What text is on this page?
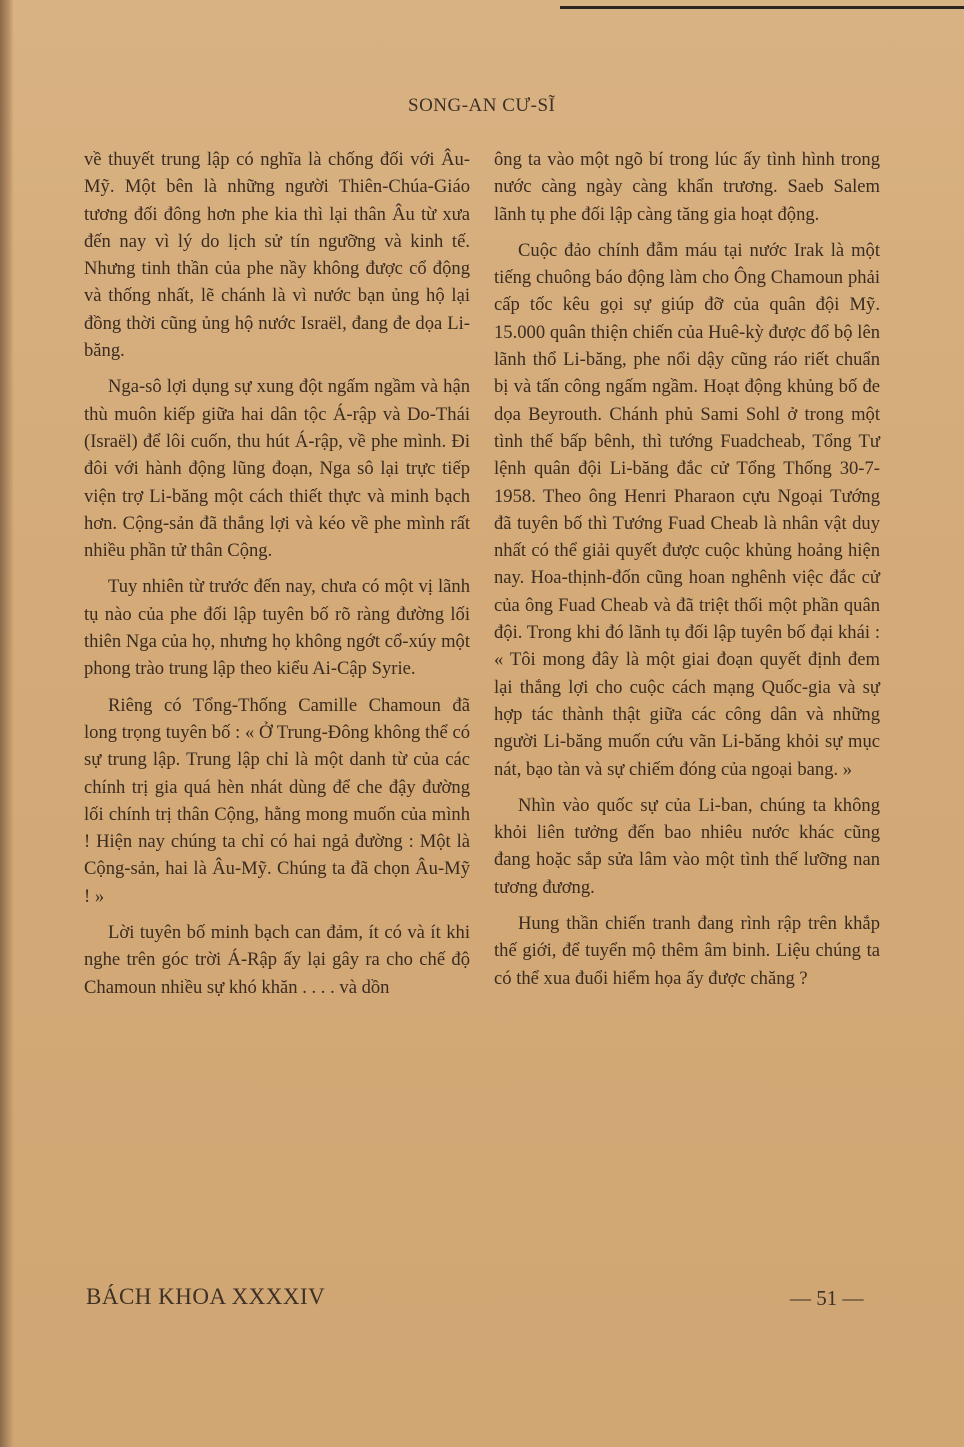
SONG-AN CƯ-SĨ

về thuyết trung lập có nghĩa là chống đối với Âu-Mỹ. Một bên là những người Thiên-Chúa-Giáo tương đối đông hơn phe kia thì lại thân Âu từ xưa đến nay vì lý do lịch sử tín ngưỡng và kinh tế. Nhưng tinh thần của phe nầy không được cổ động và thống nhất, lẽ chánh là vì nước bạn ủng hộ lại đồng thời cũng ủng hộ nước Israël, đang đe dọa Li-băng.

Nga-sô lợi dụng sự xung đột ngấm ngầm và hận thù muôn kiếp giữa hai dân tộc Á-rập và Do-Thái (Israël) để lôi cuốn, thu hút Á-rập, về phe mình. Đi đôi với hành động lũng đoạn, Nga sô lại trực tiếp viện trợ Li-băng một cách thiết thực và minh bạch hơn. Cộng-sản đã thắng lợi và kéo về phe mình rất nhiều phần tử thân Cộng.

Tuy nhiên từ trước đến nay, chưa có một vị lãnh tụ nào của phe đối lập tuyên bố rõ ràng đường lối thiên Nga của họ, nhưng họ không ngớt cổ-xúy một phong trào trung lập theo kiểu Ai-Cập Syrie.

Riêng có Tổng-Thống Camille Chamoun đã long trọng tuyên bố : « Ở Trung-Đông không thể có sự trung lập. Trung lập chỉ là một danh từ của các chính trị gia quá hèn nhát dùng để che đậy đường lối chính trị thân Cộng, hằng mong muốn của mình ! Hiện nay chúng ta chỉ có hai ngả đường : Một là Cộng-sản, hai là Âu-Mỹ. Chúng ta đã chọn Âu-Mỹ ! »

Lời tuyên bố minh bạch can đảm, ít có và ít khi nghe trên góc trời Á-Rập ấy lại gây ra cho chế độ Chamoun nhiều sự khó khăn . . . . và dồn

ông ta vào một ngõ bí trong lúc ấy tình hình trong nước càng ngày càng khẩn trương. Saeb Salem lãnh tụ phe đối lập càng tăng gia hoạt động.

Cuộc đảo chính đẫm máu tại nước Irak là một tiếng chuông báo động làm cho Ông Chamoun phải cấp tốc kêu gọi sự giúp đỡ của quân đội Mỹ. 15.000 quân thiện chiến của Huê-kỳ được đổ bộ lên lãnh thổ Li-băng, phe nổi dậy cũng ráo riết chuẩn bị và tấn công ngấm ngầm. Hoạt động khủng bố đe dọa Beyrouth. Chánh phủ Sami Sohl ở trong một tình thế bấp bênh, thì tướng Fuadcheab, Tổng Tư lệnh quân đội Li-băng đắc cử Tổng Thống 30-7-1958. Theo ông Henri Pharaon cựu Ngoại Tướng đã tuyên bố thì Tướng Fuad Cheab là nhân vật duy nhất có thể giải quyết được cuộc khủng hoảng hiện nay. Hoa-thịnh-đốn cũng hoan nghênh việc đắc cử của ông Fuad Cheab và đã triệt thối một phần quân đội. Trong khi đó lãnh tụ đối lập tuyên bố đại khái : « Tôi mong đây là một giai đoạn quyết định đem lại thắng lợi cho cuộc cách mạng Quốc-gia và sự hợp tác thành thật giữa các công dân và những người Li-băng muốn cứu vãn Li-băng khỏi sự mục nát, bạo tàn và sự chiếm đóng của ngoại bang. »

Nhìn vào quốc sự của Li-ban, chúng ta không khỏi liên tưởng đến bao nhiêu nước khác cũng đang hoặc sắp sửa lâm vào một tình thế lưỡng nan tương đương.

Hung thần chiến tranh đang rình rập trên khắp thế giới, để tuyển mộ thêm âm binh. Liệu chúng ta có thể xua đuổi hiểm họa ấy được chăng ?

BÁCH KHOA XXXXIV	— 51 —
